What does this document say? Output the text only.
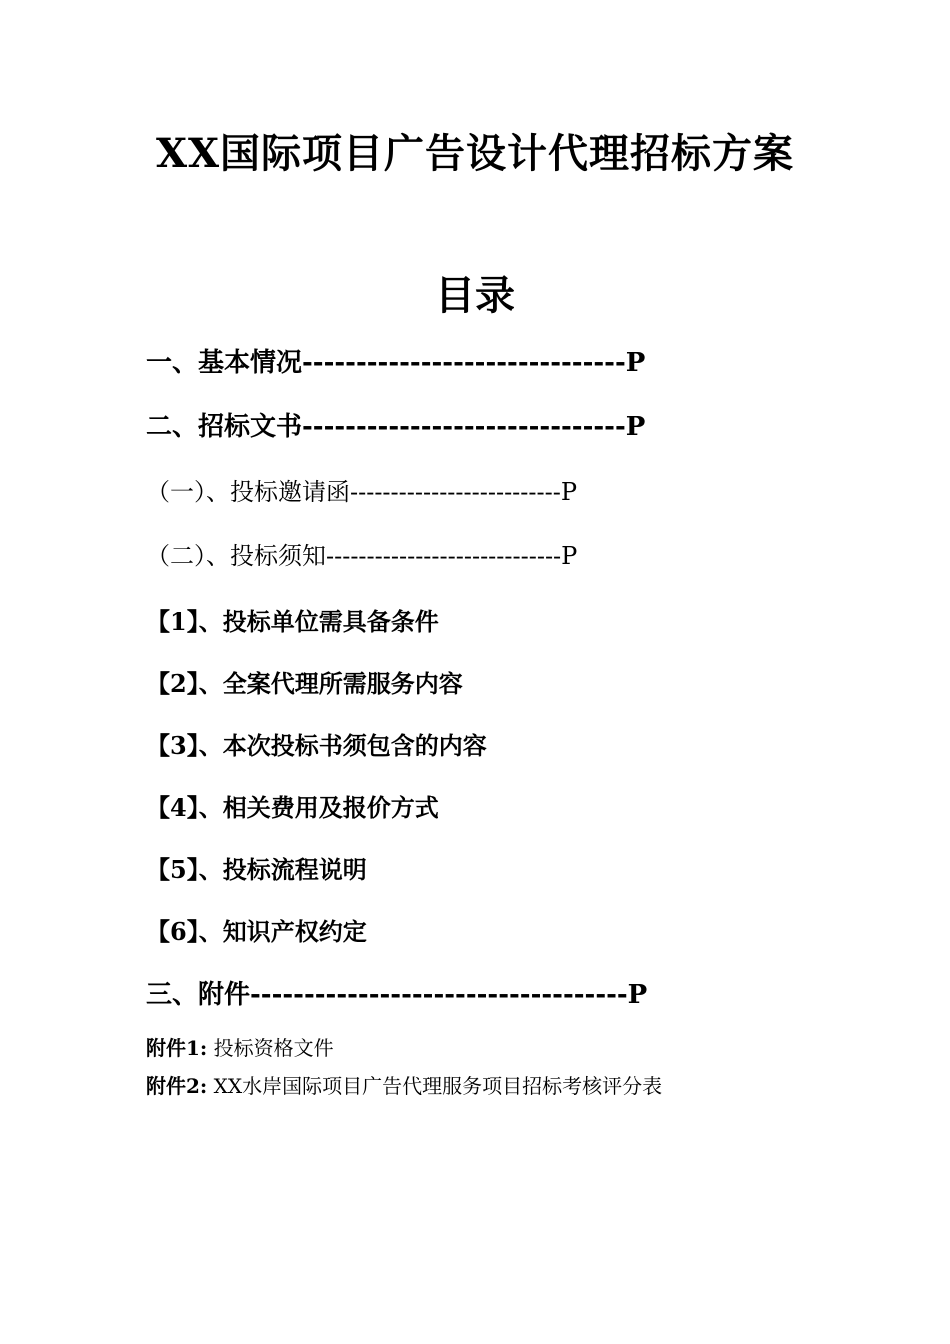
XX国际项目广告设计代理招标方案
目录
一、基本情况------------------------------P
二、招标文书------------------------------P
（一）、投标邀请函--------------------------P
（二）、投标须知-----------------------------P
【1】、投标单位需具备条件
【2】、全案代理所需服务内容
【3】、本次投标书须包含的内容
【4】、相关费用及报价方式
【5】、投标流程说明
【6】、知识产权约定
三、附件-----------------------------------P
附件1: 投标资格文件
附件2: XX水岸国际项目广告代理服务项目招标考核评分表
